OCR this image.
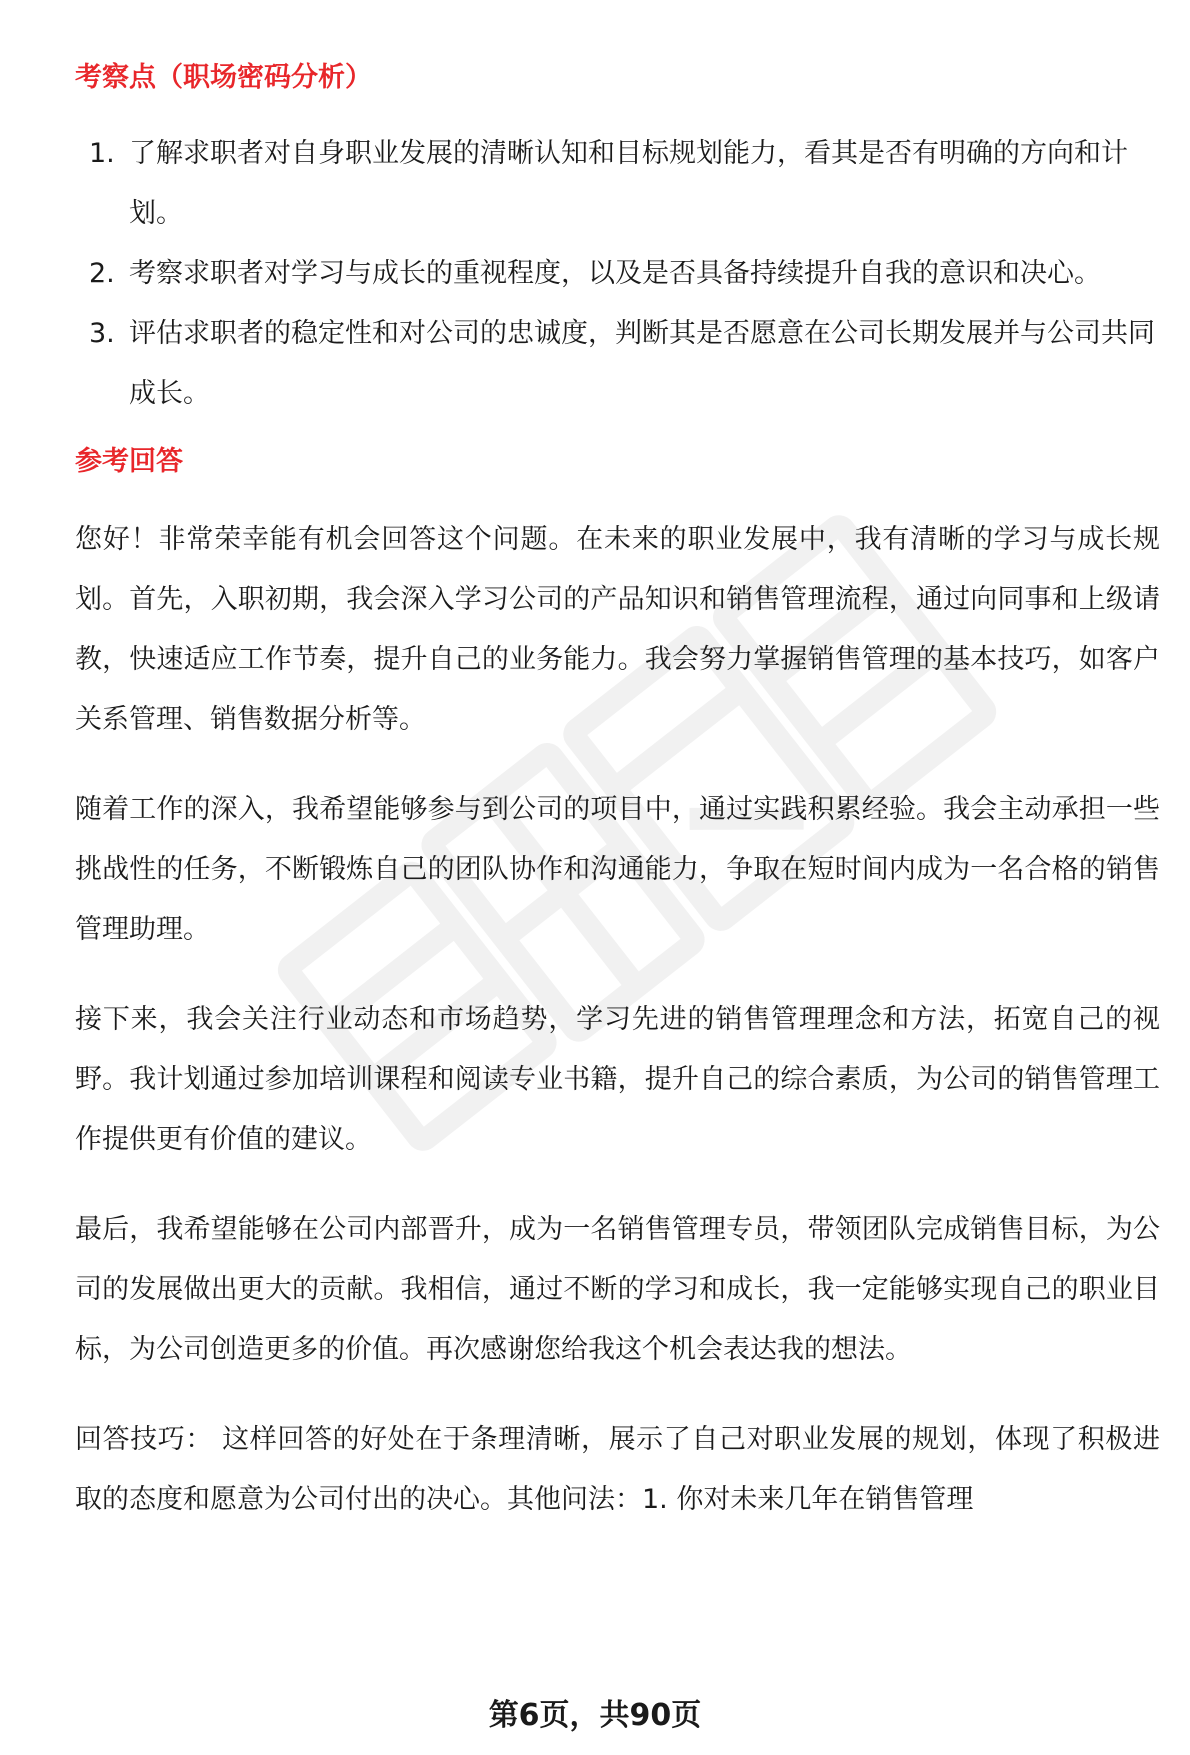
考察点（职场密码分析）
1. 了解求职者对自身职业发展的清晰认知和目标规划能力，看其是否有明确的方向和计划。
2. 考察求职者对学习与成长的重视程度，以及是否具备持续提升自我的意识和决心。
3. 评估求职者的稳定性和对公司的忠诚度，判断其是否愿意在公司长期发展并与公司共同成长。
参考回答

您好！非常荣幸能有机会回答这个问题。在未来的职业发展中，我有清晰的学习与成长规划。首先，入职初期，我会深入学习公司的产品知识和销售管理流程，通过向同事和上级请教，快速适应工作节奏，提升自己的业务能力。我会努力掌握销售管理的基本技巧，如客户关系管理、销售数据分析等。

随着工作的深入，我希望能够参与到公司的项目中，通过实践积累经验。我会主动承担一些挑战性的任务，不断锻炼自己的团队协作和沟通能力，争取在短时间内成为一名合格的销售管理助理。

接下来，我会关注行业动态和市场趋势，学习先进的销售管理理念和方法，拓宽自己的视野。我计划通过参加培训课程和阅读专业书籍，提升自己的综合素质，为公司的销售管理工作提供更有价值的建议。

最后，我希望能够在公司内部晋升，成为一名销售管理专员，带领团队完成销售目标，为公司的发展做出更大的贡献。我相信，通过不断的学习和成长，我一定能够实现自己的职业目标，为公司创造更多的价值。再次感谢您给我这个机会表达我的想法。

回答技巧： 这样回答的好处在于条理清晰，展示了自己对职业发展的规划，体现了积极进取的态度和愿意为公司付出的决心。其他问法：1. 你对未来几年在销售管理

第6页，共90页
